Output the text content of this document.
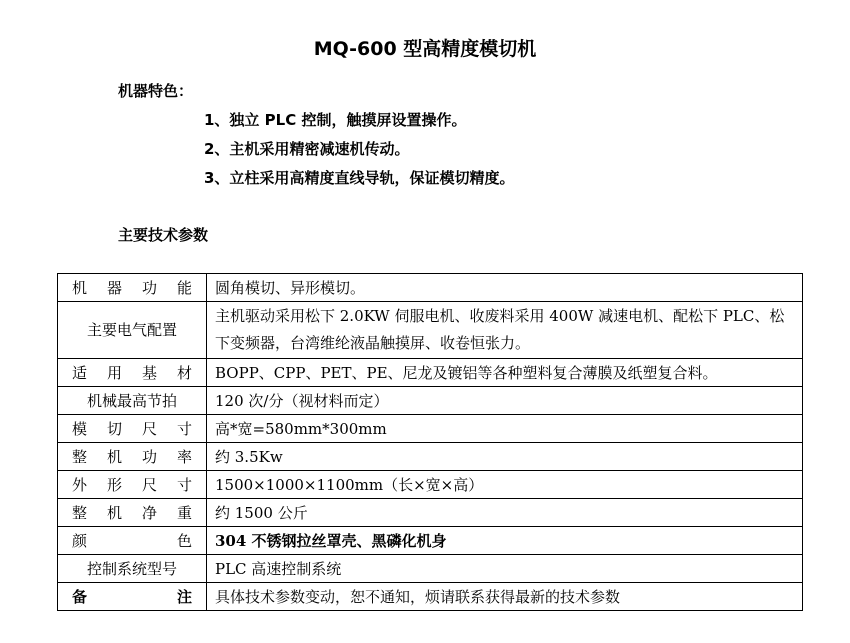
MQ-600 型高精度模切机
机器特色：
1、独立 PLC 控制，触摸屏设置操作。
2、主机采用精密减速机传动。
3、立柱采用高精度直线导轨，保证模切精度。
主要技术参数
机器功能	圆角模切、异形模切。
主要电气配置	主机驱动采用松下 2.0KW 伺服电机、收废料采用 400W 减速电机、配松下 PLC、松下变频器，台湾维纶液晶触摸屏、收卷恒张力。
适用基材	BOPP、CPP、PET、PE、尼龙及镀铝等各种塑料复合薄膜及纸塑复合料。
机械最高节拍	120 次/分（视材料而定）
模切尺寸	高*宽=580mm*300mm
整机功率	约 3.5Kw
外形尺寸	1500×1000×1100mm（长×宽×高）
整机净重	约 1500 公斤
颜色	304 不锈钢拉丝罩壳、黑磷化机身
控制系统型号	PLC 高速控制系统
备注	具体技术参数变动，恕不通知，烦请联系获得最新的技术参数
